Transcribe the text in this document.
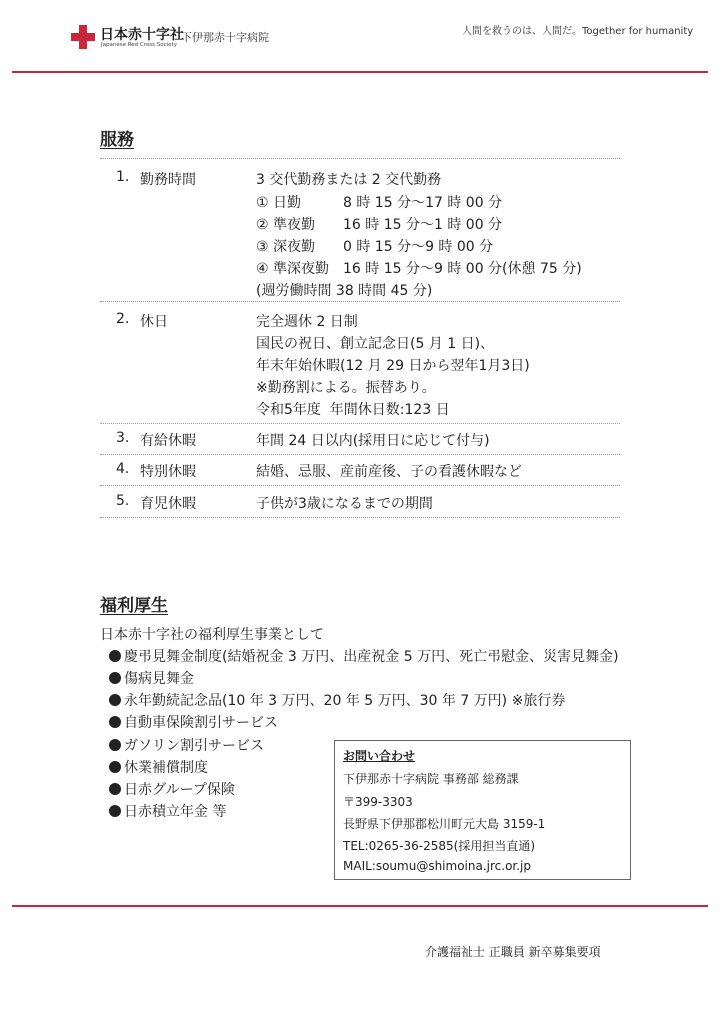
日本赤十字社
Japanese Red Cross Society
下伊那赤十字病院	人間を救うのは、人間だ。Together for humanity
服務
1. 勤務時間	3 交代勤務または 2 交代勤務
① 日勤　　　8 時 15 分～17 時 00 分
② 準夜勤　　16 時 15 分～1 時 00 分
③ 深夜勤　　0 時 15 分～9 時 00 分
④ 準深夜勤　16 時 15 分～9 時 00 分(休憩 75 分)
(週労働時間 38 時間 45 分)
2. 休日	完全週休 2 日制
国民の祝日、創立記念日(5 月 1 日)、
年末年始休暇(12 月 29 日から翌年1月3日)
※勤務割による。振替あり。
令和5年度  年間休日数:123 日
3. 有給休暇	年間 24 日以内(採用日に応じて付与)
4. 特別休暇	結婚、忌服、産前産後、子の看護休暇など
5. 育児休暇	子供が3歳になるまでの期間
福利厚生
日本赤十字社の福利厚生事業として
慶弔見舞金制度(結婚祝金 3 万円、出産祝金 5 万円、死亡弔慰金、災害見舞金)
傷病見舞金
永年勤続記念品(10 年 3 万円、20 年 5 万円、30 年 7 万円) ※旅行券
自動車保険割引サービス
ガソリン割引サービス
休業補償制度
日赤グループ保険
日赤積立年金 等
お問い合わせ
下伊那赤十字病院 事務部 総務課
〒399-3303
長野県下伊那郡松川町元大島 3159-1
TEL:0265-36-2585(採用担当直通)
MAIL:soumu@shimoina.jrc.or.jp
介護福祉士 正職員 新卒募集要項
